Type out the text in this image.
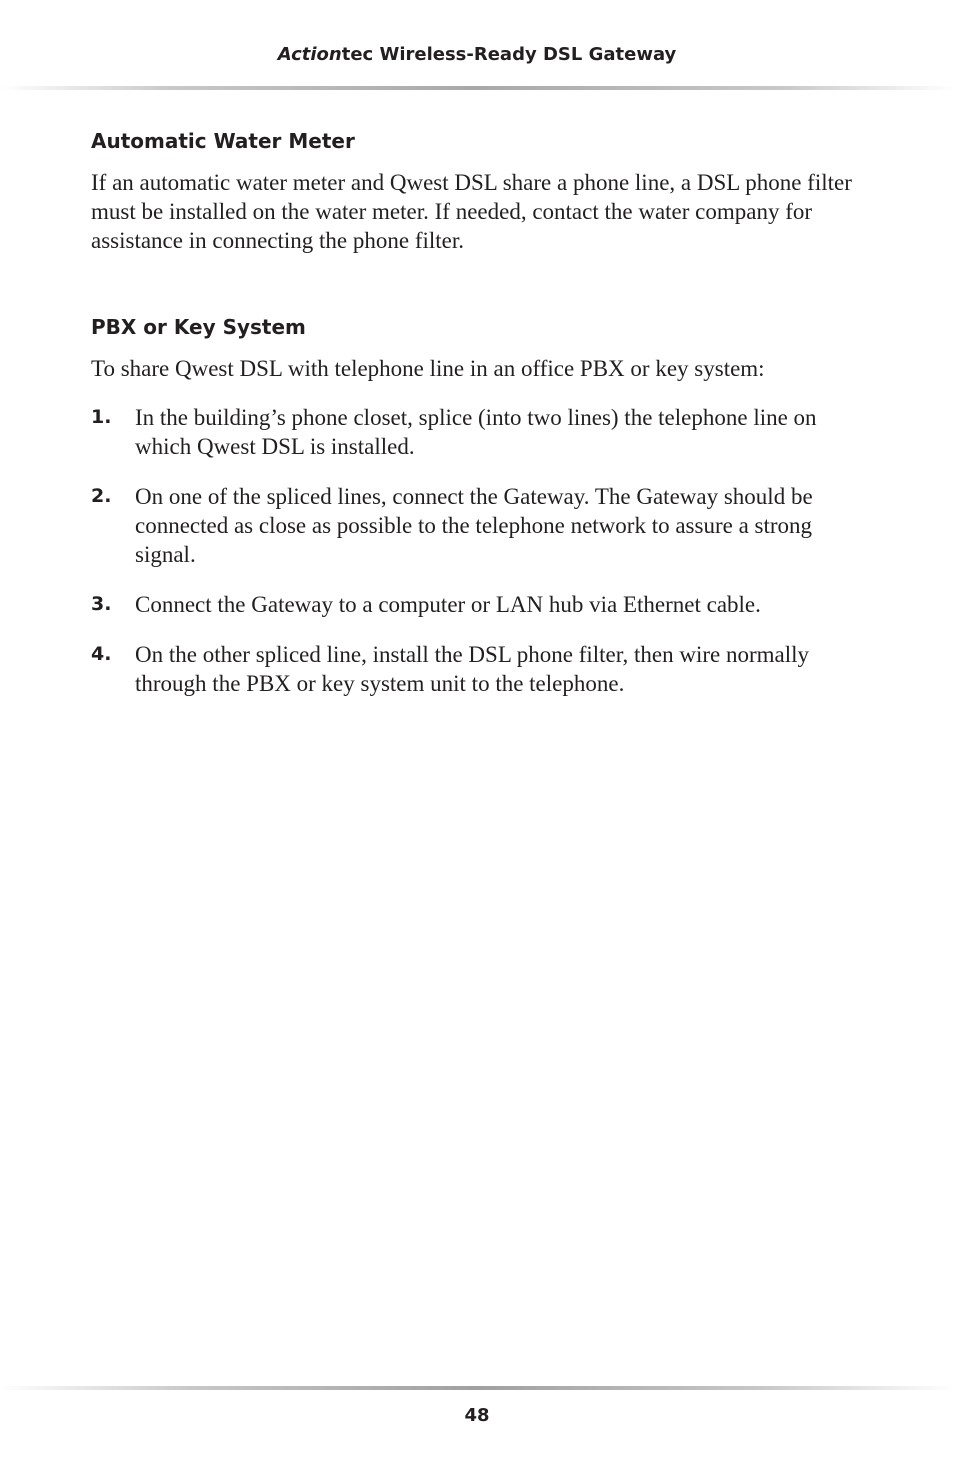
Actiontec Wireless-Ready DSL Gateway
Automatic Water Meter

If an automatic water meter and Qwest DSL share a phone line, a DSL phone filter must be installed on the water meter. If needed, contact the water company for assistance in connecting the phone filter.

PBX or Key System

To share Qwest DSL with telephone line in an office PBX or key system:

1. In the building’s phone closet, splice (into two lines) the telephone line on which Qwest DSL is installed.
2. On one of the spliced lines, connect the Gateway. The Gateway should be connected as close as possible to the telephone network to assure a strong signal.
3. Connect the Gateway to a computer or LAN hub via Ethernet cable.
4. On the other spliced line, install the DSL phone filter, then wire normally through the PBX or key system unit to the telephone.
48
